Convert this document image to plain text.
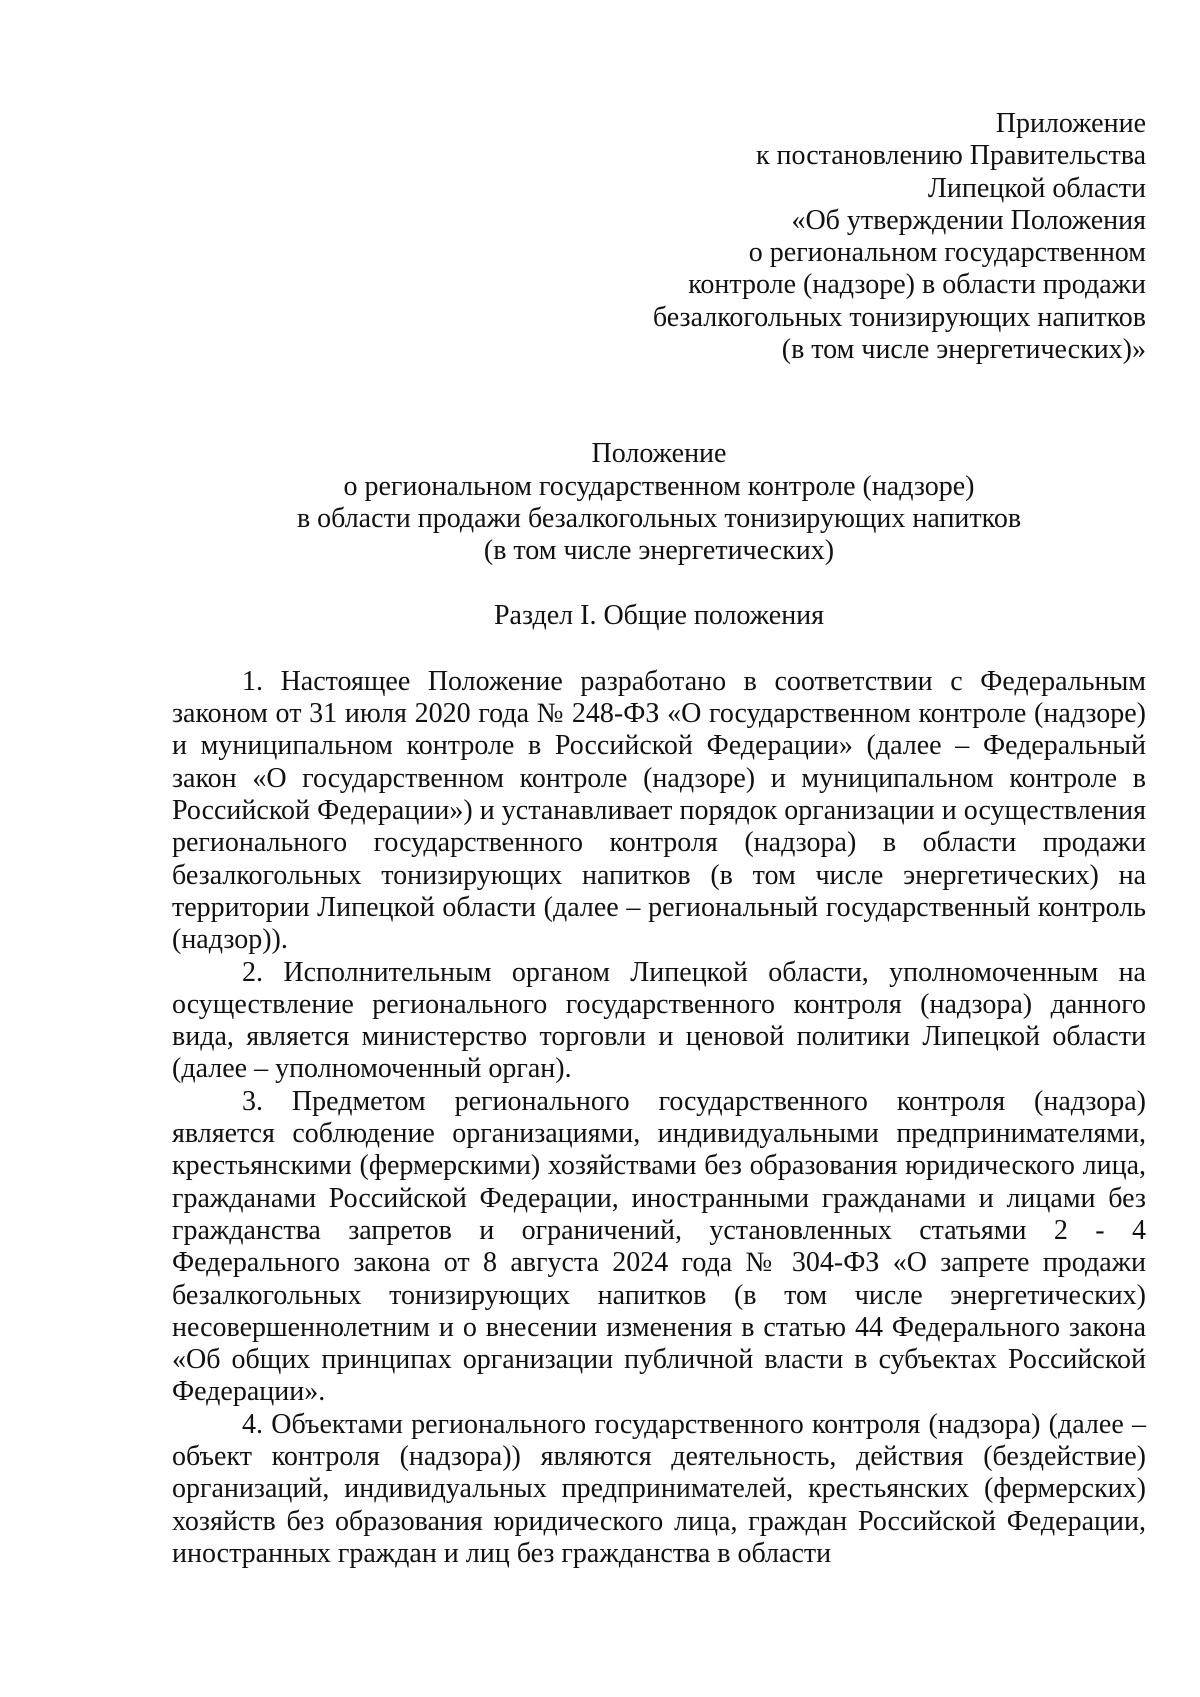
Приложение
к постановлению Правительства
Липецкой области
«Об утверждении Положения
о региональном государственном
контроле (надзоре) в области продажи
безалкогольных тонизирующих напитков
(в том числе энергетических)»
Положение
о региональном государственном контроле (надзоре)
в области продажи безалкогольных тонизирующих напитков
(в том числе энергетических)
Раздел I. Общие положения

1. Настоящее Положение разработано в соответствии с Федеральным законом от 31 июля 2020 года № 248-ФЗ «О государственном контроле (надзоре) и муниципальном контроле в Российской Федерации» (далее – Федеральный закон «О государственном контроле (надзоре) и муниципальном контроле в Российской Федерации») и устанавливает порядок организации и осуществления регионального государственного контроля (надзора) в области продажи безалкогольных тонизирующих напитков (в том числе энергетических) на территории Липецкой области (далее – региональный государственный контроль (надзор)).

2. Исполнительным органом Липецкой области, уполномоченным на осуществление регионального государственного контроля (надзора) данного вида, является министерство торговли и ценовой политики Липецкой области (далее – уполномоченный орган).

3. Предметом регионального государственного контроля (надзора) является соблюдение организациями, индивидуальными предпринимателями, крестьянскими (фермерскими) хозяйствами без образования юридического лица, гражданами Российской Федерации, иностранными гражданами и лицами без гражданства запретов и ограничений, установленных статьями 2 - 4 Федерального закона от 8 августа 2024 года № 304-ФЗ «О запрете продажи безалкогольных тонизирующих напитков (в том числе энергетических) несовершеннолетним и о внесении изменения в статью 44 Федерального закона «Об общих принципах организации публичной власти в субъектах Российской Федерации».

4. Объектами регионального государственного контроля (надзора) (далее – объект контроля (надзора)) являются деятельность, действия (бездействие) организаций, индивидуальных предпринимателей, крестьянских (фермерских) хозяйств без образования юридического лица, граждан Российской Федерации, иностранных граждан и лиц без гражданства в области
